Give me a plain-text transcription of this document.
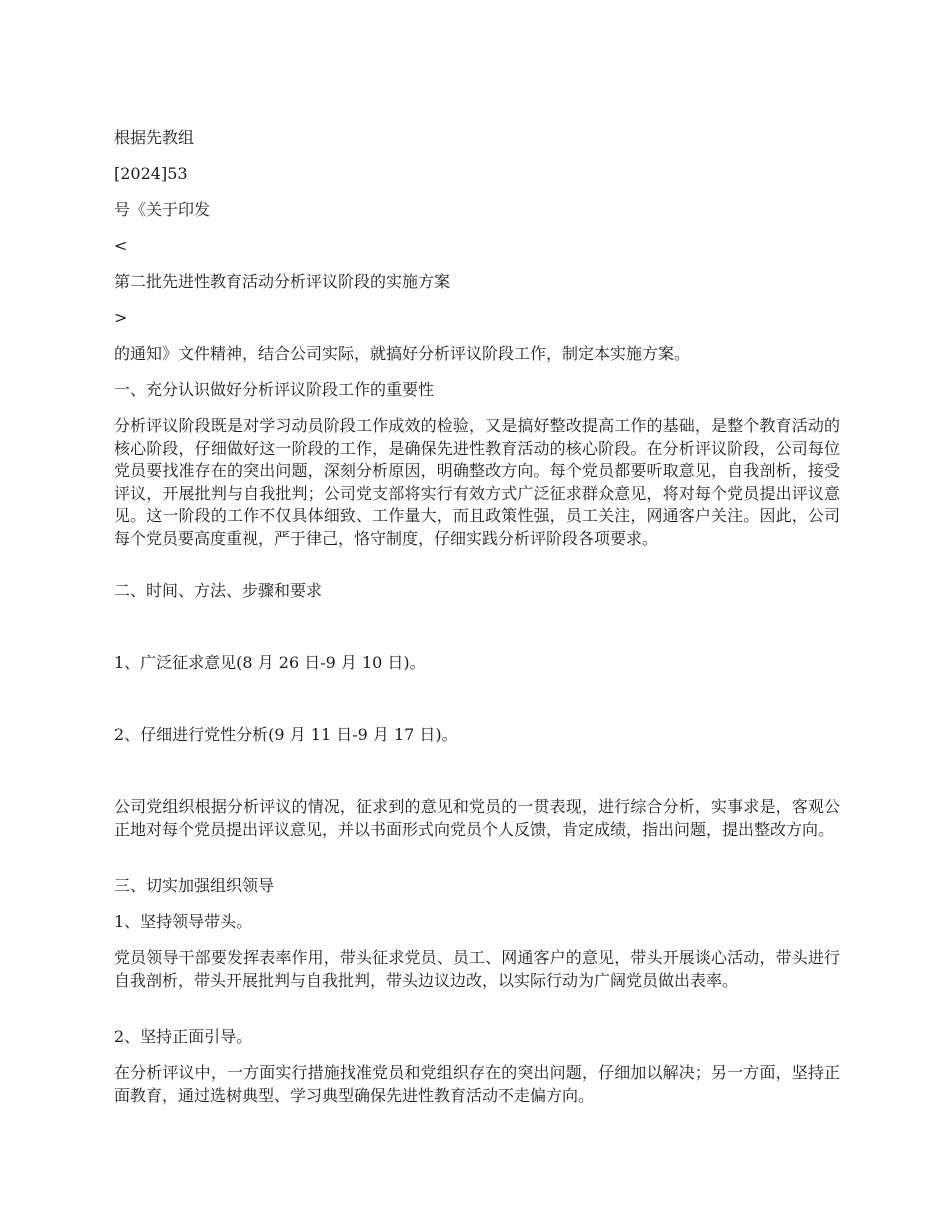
根据先教组

[2024]53

号《关于印发

<

第二批先进性教育活动分析评议阶段的实施方案

>

的通知》文件精神，结合公司实际，就搞好分析评议阶段工作，制定本实施方案。

一、充分认识做好分析评议阶段工作的重要性

分析评议阶段既是对学习动员阶段工作成效的检验，又是搞好整改提高工作的基础，是整个教育活动的核心阶段，仔细做好这一阶段的工作，是确保先进性教育活动的核心阶段。在分析评议阶段，公司每位党员要找准存在的突出问题，深刻分析原因，明确整改方向。每个党员都要听取意见，自我剖析，接受评议，开展批判与自我批判；公司党支部将实行有效方式广泛征求群众意见，将对每个党员提出评议意见。这一阶段的工作不仅具体细致、工作量大，而且政策性强，员工关注，网通客户关注。因此，公司每个党员要高度重视，严于律己，恪守制度，仔细实践分析评阶段各项要求。

二、时间、方法、步骤和要求

1、广泛征求意见(8 月 26 日-9 月 10 日)。

2、仔细进行党性分析(9 月 11 日-9 月 17 日)。

公司党组织根据分析评议的情况，征求到的意见和党员的一贯表现，进行综合分析，实事求是，客观公正地对每个党员提出评议意见，并以书面形式向党员个人反馈，肯定成绩，指出问题，提出整改方向。

三、切实加强组织领导

1、坚持领导带头。

党员领导干部要发挥表率作用，带头征求党员、员工、网通客户的意见，带头开展谈心活动，带头进行自我剖析，带头开展批判与自我批判，带头边议边改，以实际行动为广阔党员做出表率。

2、坚持正面引导。

在分析评议中，一方面实行措施找准党员和党组织存在的突出问题，仔细加以解决；另一方面，坚持正面教育，通过选树典型、学习典型确保先进性教育活动不走偏方向。
